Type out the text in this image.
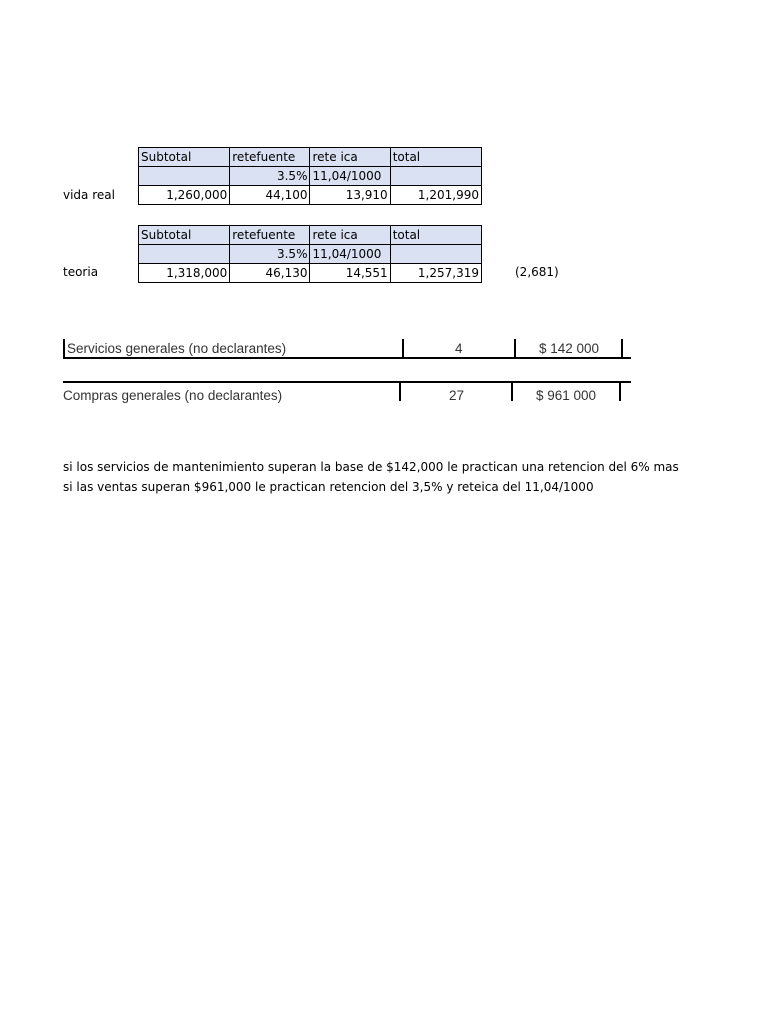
vida real
Subtotal	retefuente	rete ica	total
	3.5%	11,04/1000	
1,260,000	44,100	13,910	1,201,990
teoria
Subtotal	retefuente	rete ica	total
	3.5%	11,04/1000	
1,318,000	46,130	14,551	1,257,319	(2,681)
Servicios generales (no declarantes)	4	$ 142 000
Compras generales (no declarantes)	27	$ 961 000
si los servicios de mantenimiento superan la base de $142,000 le practican una retencion del 6% mas
si las ventas superan $961,000 le practican retencion del 3,5% y reteica del 11,04/1000
